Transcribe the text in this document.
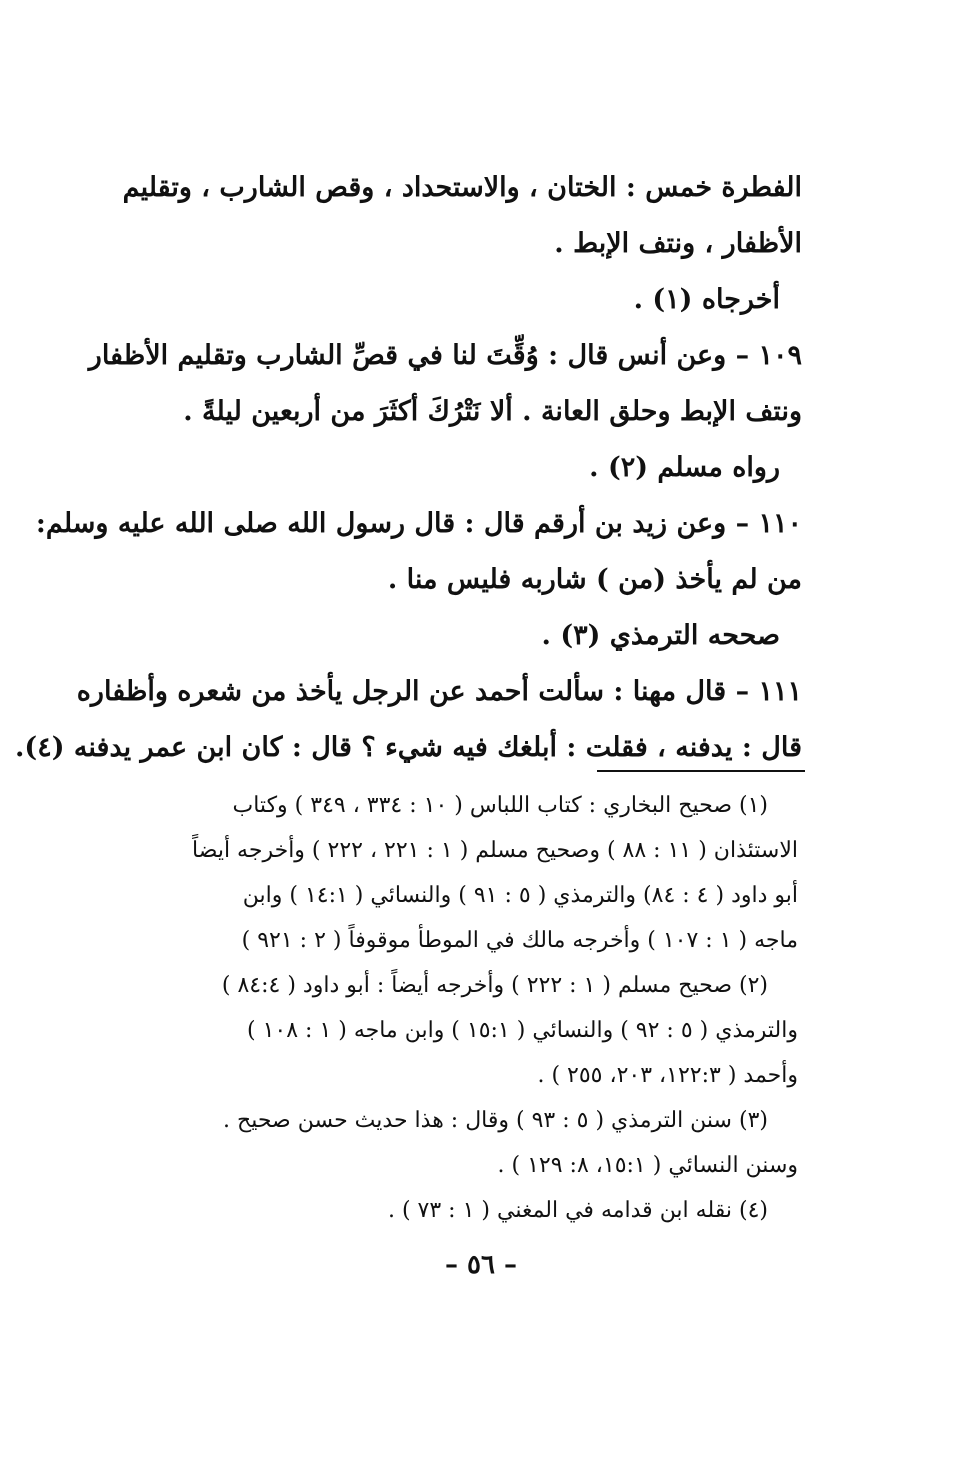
الفطرة خمس : الختان ، والاستحداد ، وقص الشارب ، وتقليم
الأظفار ، ونتف الإبط .
أخرجاه (١) .
١٠٩ – وعن أنس قال : وُقِّتَ لنا في قصِّ الشارب وتقليم الأظفار
ونتف الإبط وحلق العانة . ألا نَتْرُكَ أكثَرَ من أربعين ليلةً .
رواه مسلم (٢) .
١١٠ – وعن زيد بن أرقم قال : قال رسول الله صلى الله عليه وسلم:
من لم يأخذ (من ) شاربه فليس منا .
صححه الترمذي (٣) .
١١١ – قال مهنا : سألت أحمد عن الرجل يأخذ من شعره وأظفاره
قال : يدفنه ، فقلت : أبلغك فيه شيء ؟ قال : كان ابن عمر يدفنه (٤).
(١) صحيح البخاري : كتاب اللباس ( ١٠ : ٣٣٤ ، ٣٤٩ ) وكتاب
الاستئذان ( ١١ : ٨٨ ) وصحيح مسلم ( ١ : ٢٢١ ، ٢٢٢ ) وأخرجه أيضاً
أبو داود ( ٤ : ٨٤) والترمذي ( ٥ : ٩١ ) والنسائي ( ١٤:١ ) وابن
ماجه ( ١ : ١٠٧ ) وأخرجه مالك في الموطأ موقوفاً ( ٢ : ٩٢١ )
(٢) صحيح مسلم ( ١ : ٢٢٢ ) وأخرجه أيضاً : أبو داود ( ٨٤:٤ )
والترمذي ( ٥ : ٩٢ ) والنسائي ( ١٥:١ ) وابن ماجه ( ١ : ١٠٨ )
وأحمد ( ١٢٢:٣، ٢٠٣، ٢٥٥ ) .
(٣) سنن الترمذي ( ٥ : ٩٣ ) وقال : هذا حديث حسن صحيح .
وسنن النسائي ( ١٥:١، ٨: ١٢٩ ) .
(٤) نقله ابن قدامه في المغني ( ١ : ٧٣ ) .
– ٥٦ –
